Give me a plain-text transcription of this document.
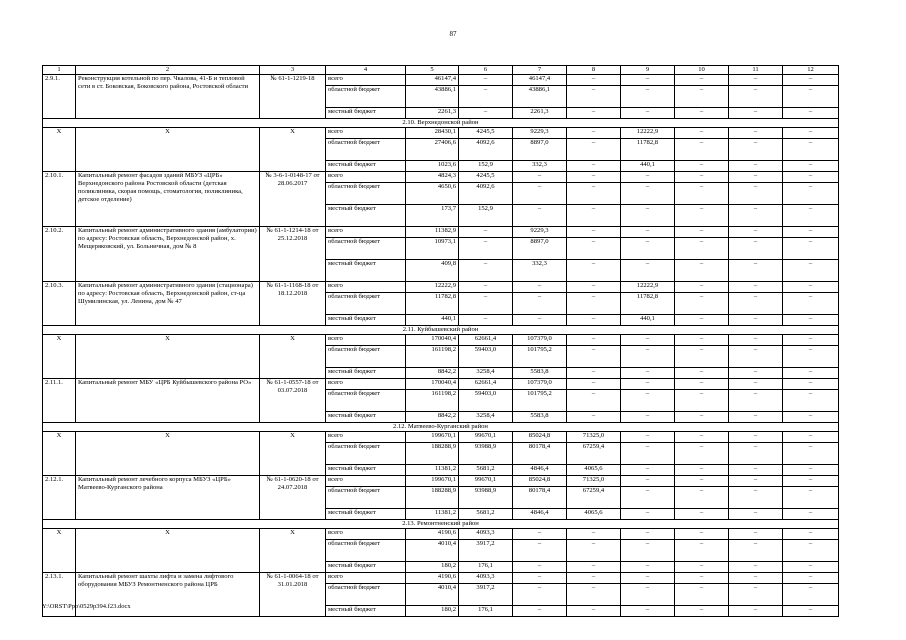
87
1	2	3	4	5	6	7	8	9	10	11	12
2.9.1.	Реконструкция котельной по пер. Чкалова, 41-Б и тепловой сети в ст. Боковская, Боковского района, Ростовской области	№ 61-1-1219-18	всего	46147,4	–	46147,4	–	–	–	–	–
			областной бюджет	43886,1	–	43886,1	–	–	–	–	–
			местный бюджет	2261,3	–	2261,3	–	–	–	–	–
2.10. Верхнедонской район											
Х	Х	Х	всего	28430,1	4245,5	9229,3	–	12222,9	–	–	–
			областной бюджет	27406,6	4092,6	8897,0	–	11782,8	–	–	–
			местный бюджет	1023,6	152,9	332,3	–	440,1	–	–	–
2.10.1.	Капитальный ремонт фасадов зданий МБУЗ «ЦРБ» Верхнедонского района Ростовской области (детская поликлиника, скорая помощь, стоматология, поликлиника, детское отделение)	№ 3-6-1-0148-17 от 28.06.2017	всего	4824,3	4245,5	–	–	–	–	–	–
			областной бюджет	4650,6	4092,6	–	–	–	–	–	–
			местный бюджет	173,7	152,9	–	–	–	–	–	–
2.10.2.	Капитальный ремонт административного здания (амбулатории) по адресу: Ростовская область, Верхнедонской район, х. Мещеряковский, ул. Больничная, дом № 8	№ 61-1-1214-18 от 25.12.2018	всего	11382,9	–	9229,3	–	–	–	–	–
			областной бюджет	10973,1	–	8897,0	–	–	–	–	–
			местный бюджет	409,8	–	332,3	–	–	–	–	–
2.10.3.	Капитальный ремонт административного здания (стационара) по адресу: Ростовская область, Верхнедонской район, ст-ца Шумилинская, ул. Ленина, дом № 47	№ 61-1-1168-18 от 18.12.2018	всего	12222,9	–	–	–	12222,9	–	–	–
			областной бюджет	11782,8	–	–	–	11782,8	–	–	–
			местный бюджет	440,1	–	–	–	440,1	–	–	–
2.11. Куйбышевский район											
Х	Х	Х	всего	170040,4	62661,4	107379,0	–	–	–	–	–
			областной бюджет	161198,2	59403,0	101795,2	–	–	–	–	–
			местный бюджет	8842,2	3258,4	5583,8	–	–	–	–	–
2.11.1.	Капитальный ремонт МБУ «ЦРБ Куйбышевского района РО»	№ 61-1-0557-18 от 03.07.2018	всего	170040,4	62661,4	107379,0	–	–	–	–	–
			областной бюджет	161198,2	59403,0	101795,2	–	–	–	–	–
			местный бюджет	8842,2	3258,4	5583,8	–	–	–	–	–
2.12. Матвеево-Курганский район											
Х	Х	Х	всего	199670,1	99670,1	85024,8	71325,0	–	–	–	–
			областной бюджет	188288,9	93988,9	80178,4	67259,4	–	–	–	–
			местный бюджет	11381,2	5681,2	4846,4	4065,6	–	–	–	–
2.12.1.	Капитальный ремонт лечебного корпуса МБУЗ «ЦРБ» Матвеево-Курганского района	№ 61-1-0620-18 от 24.07.2018	всего	199670,1	99670,1	85024,8	71325,0	–	–	–	–
			областной бюджет	188288,9	93988,9	80178,4	67259,4	–	–	–	–
			местный бюджет	11381,2	5681,2	4846,4	4065,6	–	–	–	–
2.13. Ремонтненский район											
Х	Х	Х	всего	4190,6	4093,3	–	–	–	–	–	–
			областной бюджет	4010,4	3917,2	–	–	–	–	–	–
			местный бюджет	180,2	176,1	–	–	–	–	–	–
2.13.1.	Капитальный ремонт шахты лифта и замена лифтового оборудования МБУЗ Ремонтненского района ЦРБ	№ 61-1-0064-18 от 31.01.2018	всего	4190,6	4093,3	–	–	–	–	–	–
			областной бюджет	4010,4	3917,2	–	–	–	–	–	–
			местный бюджет	180,2	176,1	–	–	–	–	–	–
Y:\ORST\Ppo\0529p394.f23.docx
